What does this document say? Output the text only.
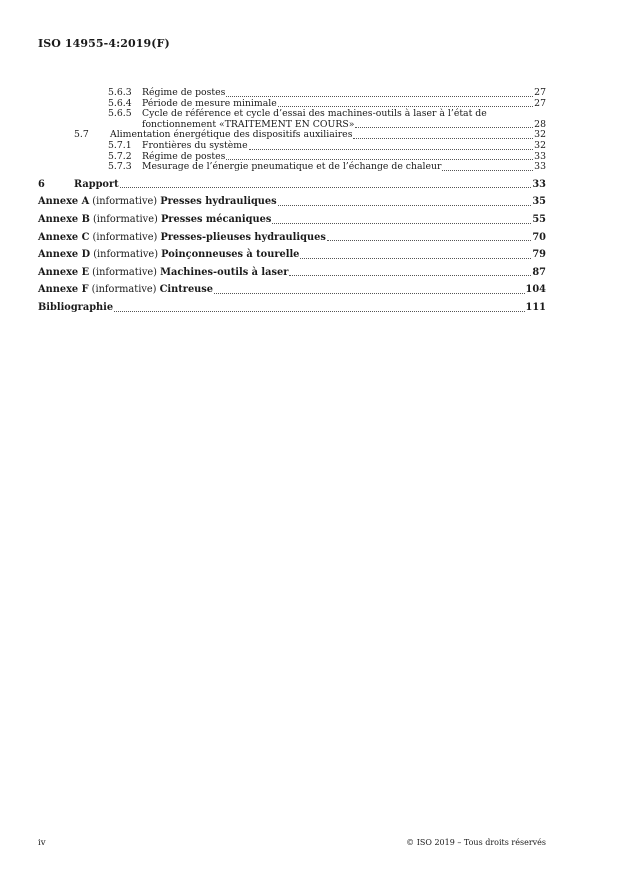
ISO 14955-4:2019(F)
5.6.3	Régime de postes	27
5.6.4	Période de mesure minimale	27
5.6.5	Cycle de référence et cycle d’essai des machines-outils à laser à l’état de
fonctionnement «TRAITEMENT EN COURS»	28
5.7	Alimentation énergétique des dispositifs auxiliaires	32
5.7.1	Frontières du système	32
5.7.2	Régime de postes	33
5.7.3	Mesurage de l’énergie pneumatique et de l’échange de chaleur	33
6	Rapport	33
Annexe A (informative) Presses hydrauliques	35
Annexe B (informative) Presses mécaniques	55
Annexe C (informative) Presses-plieuses hydrauliques	70
Annexe D (informative) Poinçonneuses à tourelle	79
Annexe E (informative) Machines-outils à laser	87
Annexe F (informative) Cintreuse	104
Bibliographie	111
iv	© ISO 2019 – Tous droits réservés
